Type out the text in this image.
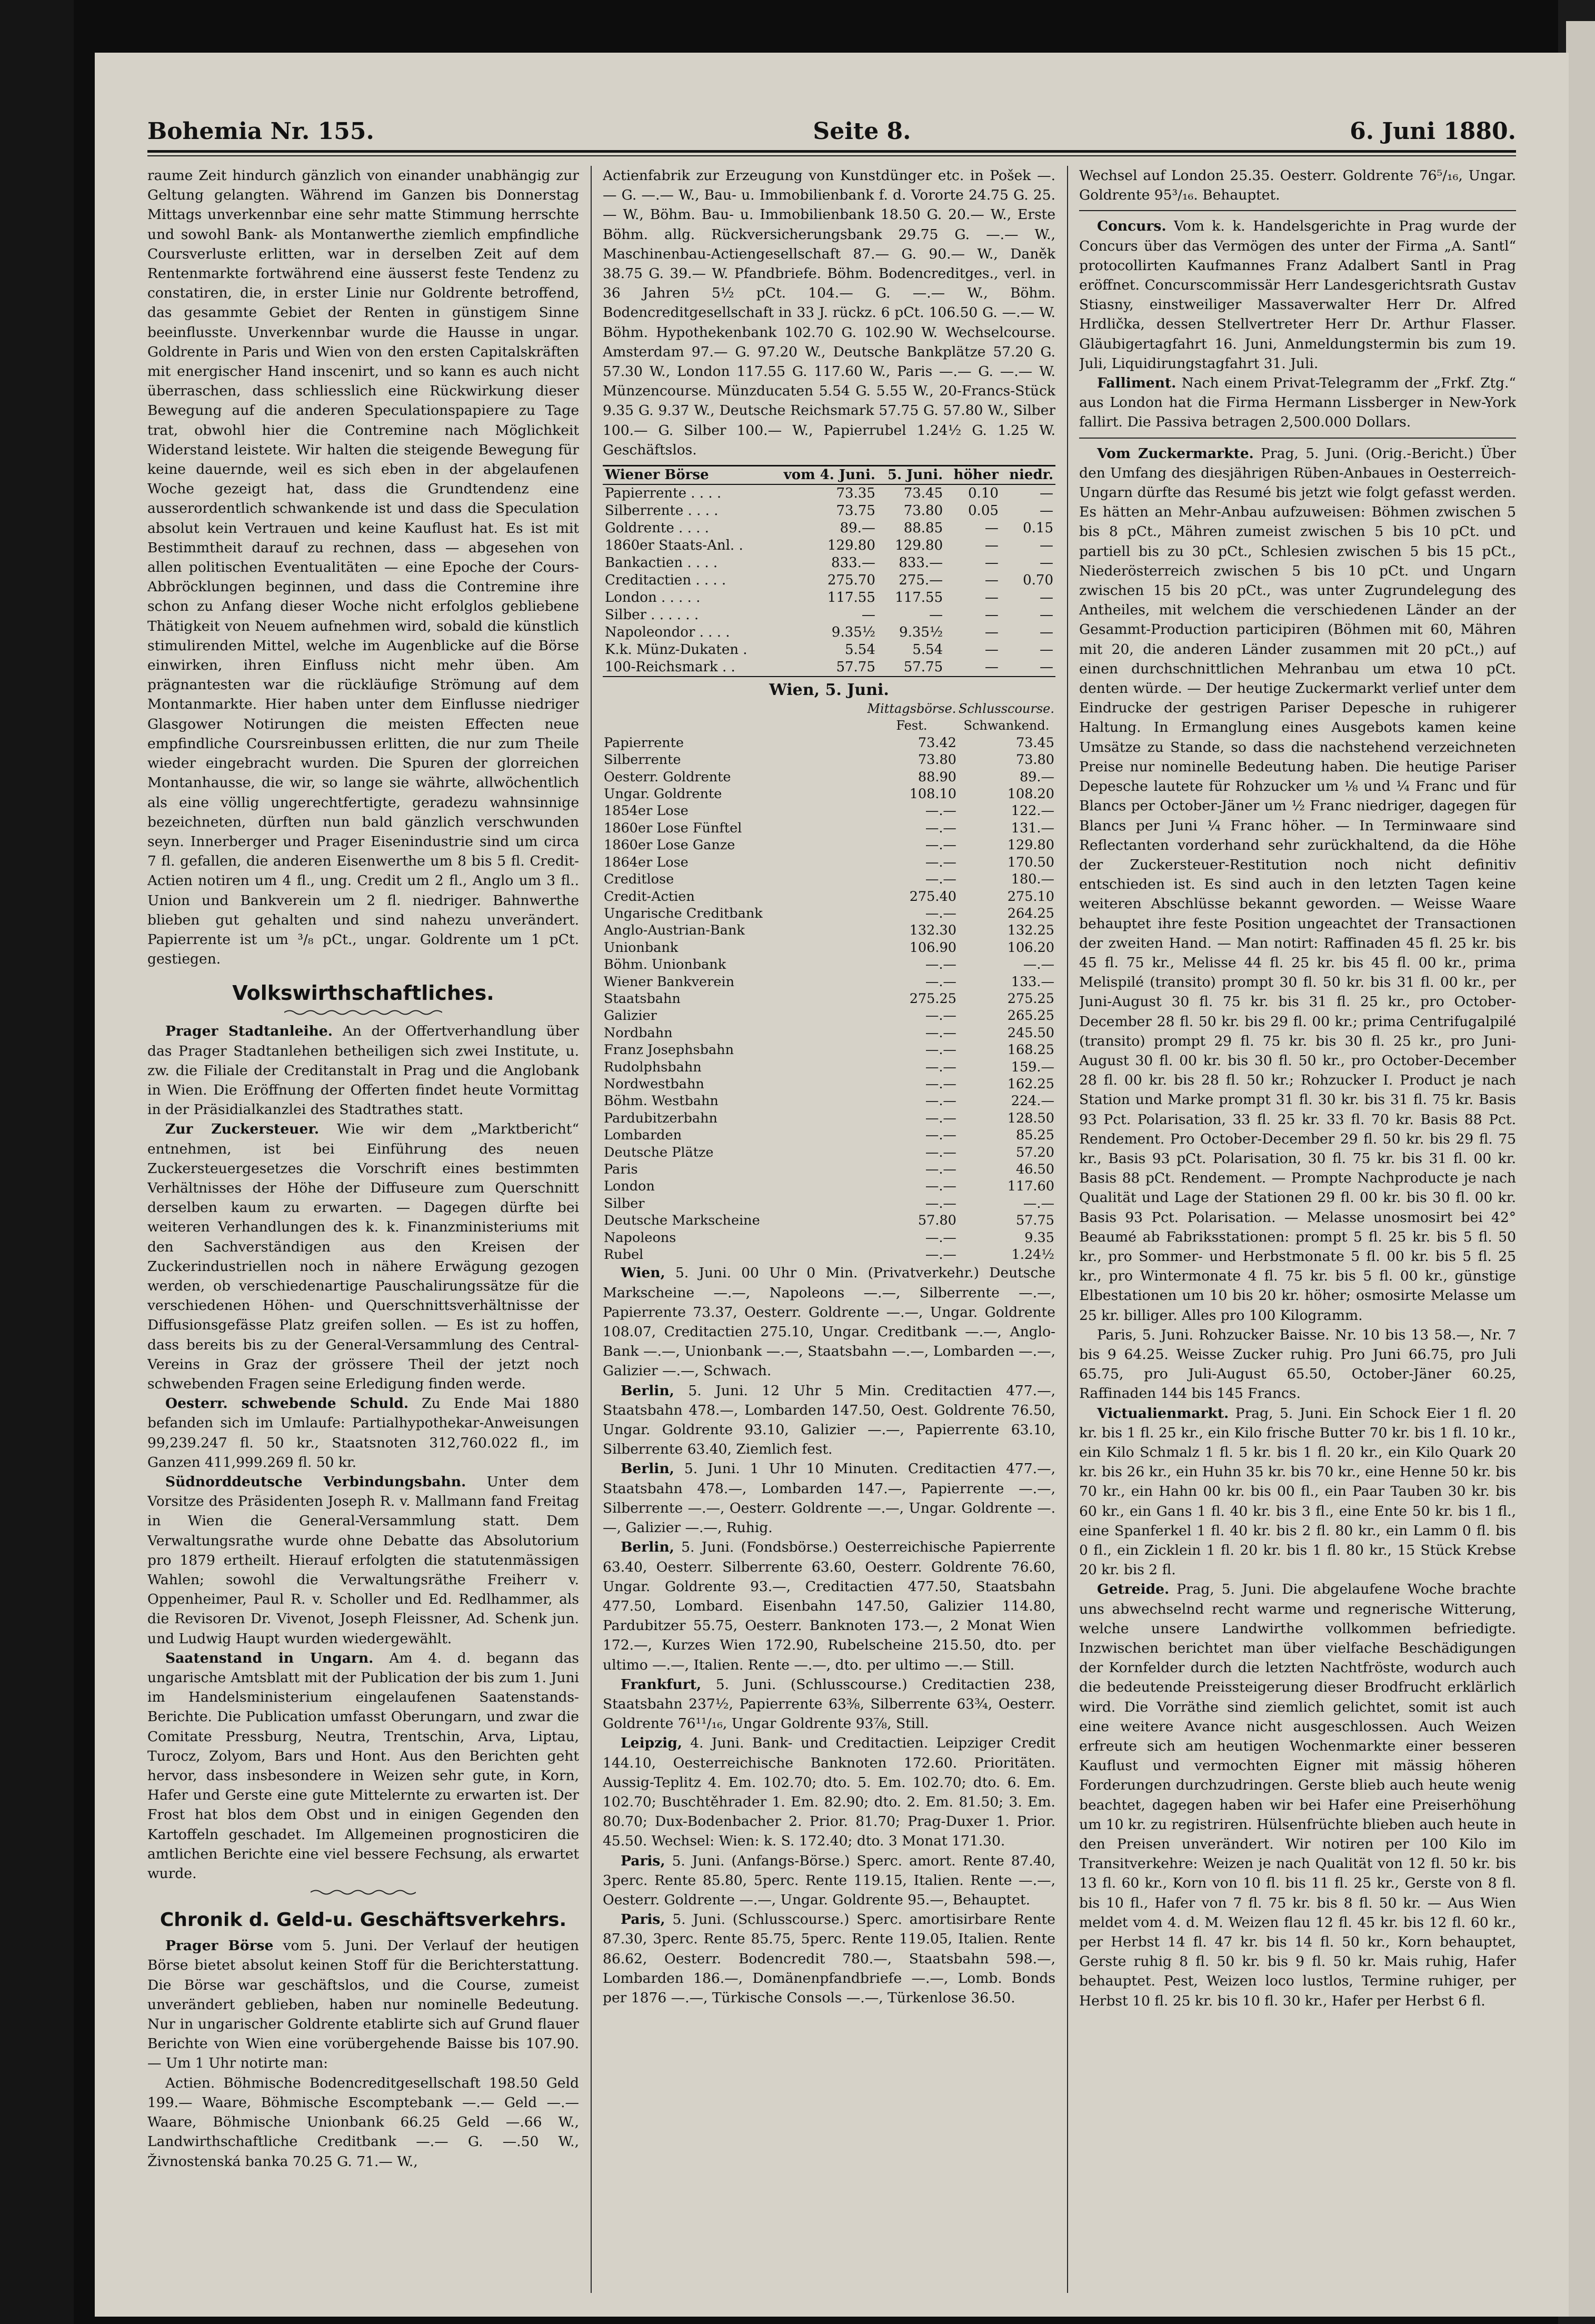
Bohemia Nr. 155.	Seite 8.	6. Juni 1880.

raume Zeit hindurch gänzlich von einander unabhängig zur Geltung gelangten. Während im Ganzen bis Donnerstag Mittags unverkennbar eine sehr matte Stimmung herrschte und sowohl Bank- als Montanwerthe ziemlich empfindliche Coursverluste erlitten, war in derselben Zeit auf dem Rentenmarkte fortwährend eine äusserst feste Tendenz zu constatiren, die, in erster Linie nur Goldrente betroffend, das gesammte Gebiet der Renten in günstigem Sinne beeinflusste. Unverkennbar wurde die Hausse in ungar. Goldrente in Paris und Wien von den ersten Capitalskräften mit energischer Hand inscenirt, und so kann es auch nicht überraschen, dass schliesslich eine Rückwirkung dieser Bewegung auf die anderen Speculationspapiere zu Tage trat, obwohl hier die Contremine nach Möglichkeit Widerstand leistete. Wir halten die steigende Bewegung für keine dauernde, weil es sich eben in der abgelaufenen Woche gezeigt hat, dass die Grundtendenz eine ausserordentlich schwankende ist und dass die Speculation absolut kein Vertrauen und keine Kauflust hat. Es ist mit Bestimmtheit darauf zu rechnen, dass — abgesehen von allen politischen Eventualitäten — eine Epoche der Cours-Abbröcklungen beginnen, und dass die Contremine ihre schon zu Anfang dieser Woche nicht erfolglos gebliebene Thätigkeit von Neuem aufnehmen wird, sobald die künstlich stimulirenden Mittel, welche im Augenblicke auf die Börse einwirken, ihren Einfluss nicht mehr üben. Am prägnantesten war die rückläufige Strömung auf dem Montanmarkte. Hier haben unter dem Einflusse niedriger Glasgower Notirungen die meisten Effecten neue empfindliche Coursreinbussen erlitten, die nur zum Theile wieder eingebracht wurden. Die Spuren der glorreichen Montanhausse, die wir, so lange sie währte, allwöchentlich als eine völlig ungerechtfertigte, geradezu wahnsinnige bezeichneten, dürften nun bald gänzlich verschwunden seyn. Innerberger und Prager Eisenindustrie sind um circa 7 fl. gefallen, die anderen Eisenwerthe um 8 bis 5 fl. Credit-Actien notiren um 4 fl., ung. Credit um 2 fl., Anglo um 3 fl.. Union und Bankverein um 2 fl. niedriger. Bahnwerthe blieben gut gehalten und sind nahezu unverändert. Papierrente ist um ³/₈ pCt., ungar. Goldrente um 1 pCt. gestiegen.

Volkswirthschaftliches.

Prager Stadtanleihe. An der Offertverhandlung über das Prager Stadtanlehen betheiligen sich zwei Institute, u. zw. die Filiale der Creditanstalt in Prag und die Anglobank in Wien. Die Eröffnung der Offerten findet heute Vormittag in der Präsidialkanzlei des Stadtrathes statt.

Zur Zuckersteuer. Wie wir dem „Marktbericht“ entnehmen, ist bei Einführung des neuen Zuckersteuergesetzes die Vorschrift eines bestimmten Verhältnisses der Höhe der Diffuseure zum Querschnitt derselben kaum zu erwarten. — Dagegen dürfte bei weiteren Verhandlungen des k. k. Finanzministeriums mit den Sachverständigen aus den Kreisen der Zuckerindustriellen noch in nähere Erwägung gezogen werden, ob verschiedenartige Pauschalirungssätze für die verschiedenen Höhen- und Querschnittsverhältnisse der Diffusionsgefässe Platz greifen sollen. — Es ist zu hoffen, dass bereits bis zu der General-Versammlung des Central-Vereins in Graz der grössere Theil der jetzt noch schwebenden Fragen seine Erledigung finden werde.

Oesterr. schwebende Schuld. Zu Ende Mai 1880 befanden sich im Umlaufe: Partialhypothekar-Anweisungen 99,239.247 fl. 50 kr., Staatsnoten 312,760.022 fl., im Ganzen 411,999.269 fl. 50 kr.

Südnorddeutsche Verbindungsbahn. Unter dem Vorsitze des Präsidenten Joseph R. v. Mallmann fand Freitag in Wien die General-Versammlung statt. Dem Verwaltungsrathe wurde ohne Debatte das Absolutorium pro 1879 ertheilt. Hierauf erfolgten die statutenmässigen Wahlen; sowohl die Verwaltungsräthe Freiherr v. Oppenheimer, Paul R. v. Scholler und Ed. Redlhammer, als die Revisoren Dr. Vivenot, Joseph Fleissner, Ad. Schenk jun. und Ludwig Haupt wurden wiedergewählt.

Saatenstand in Ungarn. Am 4. d. begann das ungarische Amtsblatt mit der Publication der bis zum 1. Juni im Handelsministerium eingelaufenen Saatenstands-Berichte. Die Publication umfasst Oberungarn, und zwar die Comitate Pressburg, Neutra, Trentschin, Arva, Liptau, Turocz, Zolyom, Bars und Hont. Aus den Berichten geht hervor, dass insbesondere in Weizen sehr gute, in Korn, Hafer und Gerste eine gute Mittelernte zu erwarten ist. Der Frost hat blos dem Obst und in einigen Gegenden den Kartoffeln geschadet. Im Allgemeinen prognosticiren die amtlichen Berichte eine viel bessere Fechsung, als erwartet wurde.

Chronik d. Geld-u. Geschäftsverkehrs.

Prager Börse vom 5. Juni. Der Verlauf der heutigen Börse bietet absolut keinen Stoff für die Berichterstattung. Die Börse war geschäftslos, und die Course, zumeist unverändert geblieben, haben nur nominelle Bedeutung. Nur in ungarischer Goldrente etablirte sich auf Grund flauer Berichte von Wien eine vorübergehende Baisse bis 107.90. — Um 1 Uhr notirte man:

Actien. Böhmische Bodencreditgesellschaft 198.50 Geld 199.— Waare, Böhmische Escomptebank —.— Geld —.— Waare, Böhmische Unionbank 66.25 Geld —.66 W., Landwirthschaftliche Creditbank —.— G. —.50 W., Živnostenská banka 70.25 G. 71.— W.,

Actienfabrik zur Erzeugung von Kunstdünger etc. in Pošek —.— G. —.— W., Bau- u. Immobilienbank f. d. Vororte 24.75 G. 25.— W., Böhm. Bau- u. Immobilienbank 18.50 G. 20.— W., Erste Böhm. allg. Rückversicherungsbank 29.75 G. —.— W., Maschinenbau-Actiengesellschaft 87.— G. 90.— W., Daněk 38.75 G. 39.— W. Pfandbriefe. Böhm. Bodencreditges., verl. in 36 Jahren 5½ pCt. 104.— G. —.— W., Böhm. Bodencreditgesellschaft in 33 J. rückz. 6 pCt. 106.50 G. —.— W. Böhm. Hypothekenbank 102.70 G. 102.90 W. Wechselcourse. Amsterdam 97.— G. 97.20 W., Deutsche Bankplätze 57.20 G. 57.30 W., London 117.55 G. 117.60 W., Paris —.— G. —.— W. Münzencourse. Münzducaten 5.54 G. 5.55 W., 20-Francs-Stück 9.35 G. 9.37 W., Deutsche Reichsmark 57.75 G. 57.80 W., Silber 100.— G. Silber 100.— W., Papierrubel 1.24½ G. 1.25 W. Geschäftslos.

Wiener Börse	vom 4. Juni.	5. Juni.	höher	niedr.
Papierrente . . . .	73.35	73.45	0.10	—
Silberrente . . . .	73.75	73.80	0.05	—
Goldrente . . . .	89.—	88.85	—	0.15
1860er Staats-Anl. .	129.80	129.80	—	—
Bankactien . . . .	833.—	833.—	—	—
Creditactien . . . .	275.70	275.—	—	0.70
London . . . . .	117.55	117.55	—	—
Silber . . . . . .	—	—	—	—
Napoleondor . . . .	9.35½	9.35½	—	—
K.k. Münz-Dukaten .	5.54	5.54	—	—
100-Reichsmark . .	57.75	57.75	—	—
Wien, 5. Juni.
	Mittagsbörse.	Schlusscourse.
	Fest.	Schwankend.
Papierrente	73.42	73.45
Silberrente	73.80	73.80
Oesterr. Goldrente	88.90	89.—
Ungar. Goldrente	108.10	108.20
1854er Lose	—.—	122.—
1860er Lose Fünftel	—.—	131.—
1860er Lose Ganze	—.—	129.80
1864er Lose	—.—	170.50
Creditlose	—.—	180.—
Credit-Actien	275.40	275.10
Ungarische Creditbank	—.—	264.25
Anglo-Austrian-Bank	132.30	132.25
Unionbank	106.90	106.20
Böhm. Unionbank	—.—	—.—
Wiener Bankverein	—.—	133.—
Staatsbahn	275.25	275.25
Galizier	—.—	265.25
Nordbahn	—.—	245.50
Franz Josephsbahn	—.—	168.25
Rudolphsbahn	—.—	159.—
Nordwestbahn	—.—	162.25
Böhm. Westbahn	—.—	224.—
Pardubitzerbahn	—.—	128.50
Lombarden	—.—	85.25
Deutsche Plätze	—.—	57.20
Paris	—.—	46.50
London	—.—	117.60
Silber	—.—	—.—
Deutsche Markscheine	57.80	57.75
Napoleons	—.—	9.35
Rubel	—.—	1.24½

Wien, 5. Juni. 00 Uhr 0 Min. (Privatverkehr.) Deutsche Markscheine —.—, Napoleons —.—, Silberrente —.—, Papierrente 73.37, Oesterr. Goldrente —.—, Ungar. Goldrente 108.07, Creditactien 275.10, Ungar. Creditbank —.—, Anglo-Bank —.—, Unionbank —.—, Staatsbahn —.—, Lombarden —.—, Galizier —.—, Schwach.

Berlin, 5. Juni. 12 Uhr 5 Min. Creditactien 477.—, Staatsbahn 478.—, Lombarden 147.50, Oest. Goldrente 76.50, Ungar. Goldrente 93.10, Galizier —.—, Papierrente 63.10, Silberrente 63.40, Ziemlich fest.

Berlin, 5. Juni. 1 Uhr 10 Minuten. Creditactien 477.—, Staatsbahn 478.—, Lombarden 147.—, Papierrente —.—, Silberrente —.—, Oesterr. Goldrente —.—, Ungar. Goldrente —.—, Galizier —.—, Ruhig.

Berlin, 5. Juni. (Fondsbörse.) Oesterreichische Papierrente 63.40, Oesterr. Silberrente 63.60, Oesterr. Goldrente 76.60, Ungar. Goldrente 93.—, Creditactien 477.50, Staatsbahn 477.50, Lombard. Eisenbahn 147.50, Galizier 114.80, Pardubitzer 55.75, Oesterr. Banknoten 173.—, 2 Monat Wien 172.—, Kurzes Wien 172.90, Rubelscheine 215.50, dto. per ultimo —.—, Italien. Rente —.—, dto. per ultimo —.— Still.

Frankfurt, 5. Juni. (Schlusscourse.) Creditactien 238, Staatsbahn 237½, Papierrente 63⅜, Silberrente 63¾, Oesterr. Goldrente 76¹¹/₁₆, Ungar Goldrente 93⅞, Still.

Leipzig, 4. Juni. Bank- und Creditactien. Leipziger Credit 144.10, Oesterreichische Banknoten 172.60. Prioritäten. Aussig-Teplitz 4. Em. 102.70; dto. 5. Em. 102.70; dto. 6. Em. 102.70; Buschtěhrader 1. Em. 82.90; dto. 2. Em. 81.50; 3. Em. 80.70; Dux-Bodenbacher 2. Prior. 81.70; Prag-Duxer 1. Prior. 45.50. Wechsel: Wien: k. S. 172.40; dto. 3 Monat 171.30.

Paris, 5. Juni. (Anfangs-Börse.) Sperc. amort. Rente 87.40, 3perc. Rente 85.80, 5perc. Rente 119.15, Italien. Rente —.—, Oesterr. Goldrente —.—, Ungar. Goldrente 95.—, Behauptet.

Paris, 5. Juni. (Schlusscourse.) Sperc. amortisirbare Rente 87.30, 3perc. Rente 85.75, 5perc. Rente 119.05, Italien. Rente 86.62, Oesterr. Bodencredit 780.—, Staatsbahn 598.—, Lombarden 186.—, Domänenpfandbriefe —.—, Lomb. Bonds per 1876 —.—, Türkische Consols —.—, Türkenlose 36.50.

Wechsel auf London 25.35. Oesterr. Goldrente 76⁵/₁₆, Ungar. Goldrente 95³/₁₆. Behauptet.

Concurs. Vom k. k. Handelsgerichte in Prag wurde der Concurs über das Vermögen des unter der Firma „A. Santl“ protocollirten Kaufmannes Franz Adalbert Santl in Prag eröffnet. Concurscommissär Herr Landesgerichtsrath Gustav Stiasny, einstweiliger Massaverwalter Herr Dr. Alfred Hrdlička, dessen Stellvertreter Herr Dr. Arthur Flasser. Gläubigertagfahrt 16. Juni, Anmeldungstermin bis zum 19. Juli, Liquidirungstagfahrt 31. Juli.

Falliment. Nach einem Privat-Telegramm der „Frkf. Ztg.“ aus London hat die Firma Hermann Lissberger in New-York fallirt. Die Passiva betragen 2,500.000 Dollars.

Vom Zuckermarkte. Prag, 5. Juni. (Orig.-Bericht.) Über den Umfang des diesjährigen Rüben-Anbaues in Oesterreich-Ungarn dürfte das Resumé bis jetzt wie folgt gefasst werden. Es hätten an Mehr-Anbau aufzuweisen: Böhmen zwischen 5 bis 8 pCt., Mähren zumeist zwischen 5 bis 10 pCt. und partiell bis zu 30 pCt., Schlesien zwischen 5 bis 15 pCt., Niederösterreich zwischen 5 bis 10 pCt. und Ungarn zwischen 15 bis 20 pCt., was unter Zugrundelegung des Antheiles, mit welchem die verschiedenen Länder an der Gesammt-Production participiren (Böhmen mit 60, Mähren mit 20, die anderen Länder zusammen mit 20 pCt.,) auf einen durchschnittlichen Mehranbau um etwa 10 pCt. denten würde. — Der heutige Zuckermarkt verlief unter dem Eindrucke der gestrigen Pariser Depesche in ruhigerer Haltung. In Ermanglung eines Ausgebots kamen keine Umsätze zu Stande, so dass die nachstehend verzeichneten Preise nur nominelle Bedeutung haben. Die heutige Pariser Depesche lautete für Rohzucker um ⅛ und ¼ Franc und für Blancs per October-Jäner um ½ Franc niedriger, dagegen für Blancs per Juni ¼ Franc höher. — In Terminwaare sind Reflectanten vorderhand sehr zurückhaltend, da die Höhe der Zuckersteuer-Restitution noch nicht definitiv entschieden ist. Es sind auch in den letzten Tagen keine weiteren Abschlüsse bekannt geworden. — Weisse Waare behauptet ihre feste Position ungeachtet der Transactionen der zweiten Hand. — Man notirt: Raffinaden 45 fl. 25 kr. bis 45 fl. 75 kr., Melisse 44 fl. 25 kr. bis 45 fl. 00 kr., prima Melispilé (transito) prompt 30 fl. 50 kr. bis 31 fl. 00 kr., per Juni-August 30 fl. 75 kr. bis 31 fl. 25 kr., pro October-December 28 fl. 50 kr. bis 29 fl. 00 kr.; prima Centrifugalpilé (transito) prompt 29 fl. 75 kr. bis 30 fl. 25 kr., pro Juni-August 30 fl. 00 kr. bis 30 fl. 50 kr., pro October-December 28 fl. 00 kr. bis 28 fl. 50 kr.; Rohzucker I. Product je nach Station und Marke prompt 31 fl. 30 kr. bis 31 fl. 75 kr. Basis 93 Pct. Polarisation, 33 fl. 25 kr. 33 fl. 70 kr. Basis 88 Pct. Rendement. Pro October-December 29 fl. 50 kr. bis 29 fl. 75 kr., Basis 93 pCt. Polarisation, 30 fl. 75 kr. bis 31 fl. 00 kr. Basis 88 pCt. Rendement. — Prompte Nachproducte je nach Qualität und Lage der Stationen 29 fl. 00 kr. bis 30 fl. 00 kr. Basis 93 Pct. Polarisation. — Melasse unosmosirt bei 42° Beaumé ab Fabriksstationen: prompt 5 fl. 25 kr. bis 5 fl. 50 kr., pro Sommer- und Herbstmonate 5 fl. 00 kr. bis 5 fl. 25 kr., pro Wintermonate 4 fl. 75 kr. bis 5 fl. 00 kr., günstige Elbestationen um 10 bis 20 kr. höher; osmosirte Melasse um 25 kr. billiger. Alles pro 100 Kilogramm.

Paris, 5. Juni. Rohzucker Baisse. Nr. 10 bis 13 58.—, Nr. 7 bis 9 64.25. Weisse Zucker ruhig. Pro Juni 66.75, pro Juli 65.75, pro Juli-August 65.50, October-Jäner 60.25, Raffinaden 144 bis 145 Francs.

Victualienmarkt. Prag, 5. Juni. Ein Schock Eier 1 fl. 20 kr. bis 1 fl. 25 kr., ein Kilo frische Butter 70 kr. bis 1 fl. 10 kr., ein Kilo Schmalz 1 fl. 5 kr. bis 1 fl. 20 kr., ein Kilo Quark 20 kr. bis 26 kr., ein Huhn 35 kr. bis 70 kr., eine Henne 50 kr. bis 70 kr., ein Hahn 00 kr. bis 00 fl., ein Paar Tauben 30 kr. bis 60 kr., ein Gans 1 fl. 40 kr. bis 3 fl., eine Ente 50 kr. bis 1 fl., eine Spanferkel 1 fl. 40 kr. bis 2 fl. 80 kr., ein Lamm 0 fl. bis 0 fl., ein Zicklein 1 fl. 20 kr. bis 1 fl. 80 kr., 15 Stück Krebse 20 kr. bis 2 fl.

Getreide. Prag, 5. Juni. Die abgelaufene Woche brachte uns abwechselnd recht warme und regnerische Witterung, welche unsere Landwirthe vollkommen befriedigte. Inzwischen berichtet man über vielfache Beschädigungen der Kornfelder durch die letzten Nachtfröste, wodurch auch die bedeutende Preissteigerung dieser Brodfrucht erklärlich wird. Die Vorräthe sind ziemlich gelichtet, somit ist auch eine weitere Avance nicht ausgeschlossen. Auch Weizen erfreute sich am heutigen Wochenmarkte einer besseren Kauflust und vermochten Eigner mit mässig höheren Forderungen durchzudringen. Gerste blieb auch heute wenig beachtet, dagegen haben wir bei Hafer eine Preiserhöhung um 10 kr. zu registriren. Hülsenfrüchte blieben auch heute in den Preisen unverändert. Wir notiren per 100 Kilo im Transitverkehre: Weizen je nach Qualität von 12 fl. 50 kr. bis 13 fl. 60 kr., Korn von 10 fl. bis 11 fl. 25 kr., Gerste von 8 fl. bis 10 fl., Hafer von 7 fl. 75 kr. bis 8 fl. 50 kr. — Aus Wien meldet vom 4. d. M. Weizen flau 12 fl. 45 kr. bis 12 fl. 60 kr., per Herbst 14 fl. 47 kr. bis 14 fl. 50 kr., Korn behauptet, Gerste ruhig 8 fl. 50 kr. bis 9 fl. 50 kr. Mais ruhig, Hafer behauptet. Pest, Weizen loco lustlos, Termine ruhiger, per Herbst 10 fl. 25 kr. bis 10 fl. 30 kr., Hafer per Herbst 6 fl.
